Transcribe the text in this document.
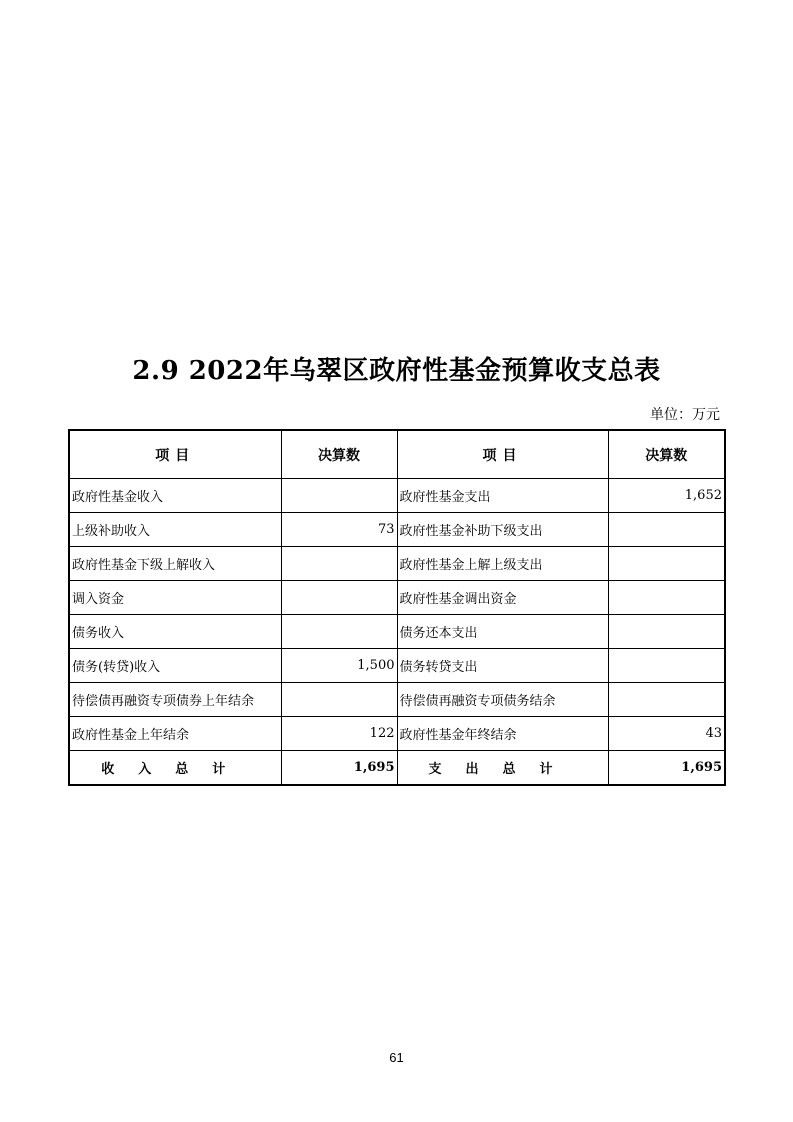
2.9 2022年乌翠区政府性基金预算收支总表
单位：万元
项目	决算数	项目	决算数
政府性基金收入		政府性基金支出	1,652
上级补助收入	73	政府性基金补助下级支出	
政府性基金下级上解收入		政府性基金上解上级支出	
调入资金		政府性基金调出资金	
债务收入		债务还本支出	
债务(转贷)收入	1,500	债务转贷支出	
待偿债再融资专项债券上年结余		待偿债再融资专项债务结余	
政府性基金上年结余	122	政府性基金年终结余	43
收入总计	1,695	支出总计	1,695
61
